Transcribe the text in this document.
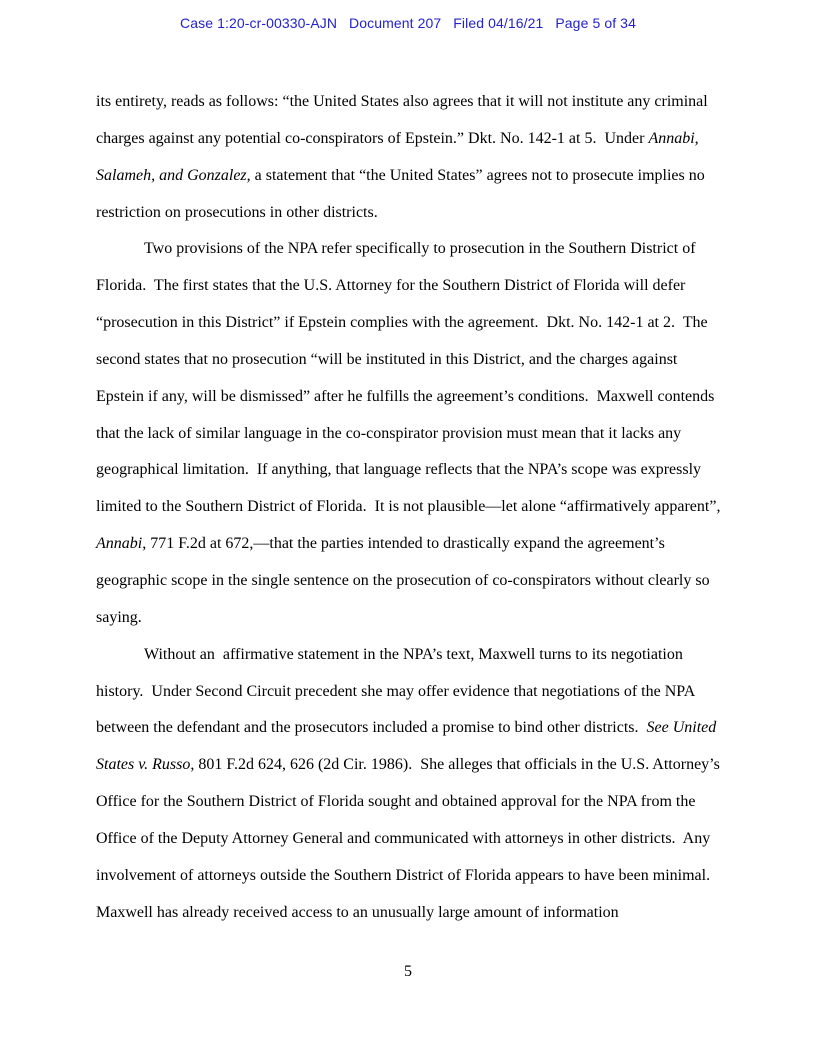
Case 1:20-cr-00330-AJN   Document 207   Filed 04/16/21   Page 5 of 34

its entirety, reads as follows: “the United States also agrees that it will not institute any criminal charges against any potential co-conspirators of Epstein.” Dkt. No. 142-1 at 5.  Under Annabi, Salameh, and Gonzalez, a statement that “the United States” agrees not to prosecute implies no restriction on prosecutions in other districts.

Two provisions of the NPA refer specifically to prosecution in the Southern District of Florida.  The first states that the U.S. Attorney for the Southern District of Florida will defer “prosecution in this District” if Epstein complies with the agreement.  Dkt. No. 142-1 at 2.  The second states that no prosecution “will be instituted in this District, and the charges against Epstein if any, will be dismissed” after he fulfills the agreement’s conditions.  Maxwell contends that the lack of similar language in the co-conspirator provision must mean that it lacks any geographical limitation.  If anything, that language reflects that the NPA’s scope was expressly limited to the Southern District of Florida.  It is not plausible—let alone “affirmatively apparent”, Annabi, 771 F.2d at 672,—that the parties intended to drastically expand the agreement’s geographic scope in the single sentence on the prosecution of co-conspirators without clearly so saying.

Without an  affirmative statement in the NPA’s text, Maxwell turns to its negotiation history.  Under Second Circuit precedent she may offer evidence that negotiations of the NPA between the defendant and the prosecutors included a promise to bind other districts.  See United States v. Russo, 801 F.2d 624, 626 (2d Cir. 1986).  She alleges that officials in the U.S. Attorney’s Office for the Southern District of Florida sought and obtained approval for the NPA from the Office of the Deputy Attorney General and communicated with attorneys in other districts.  Any involvement of attorneys outside the Southern District of Florida appears to have been minimal.  Maxwell has already received access to an unusually large amount of information

5
